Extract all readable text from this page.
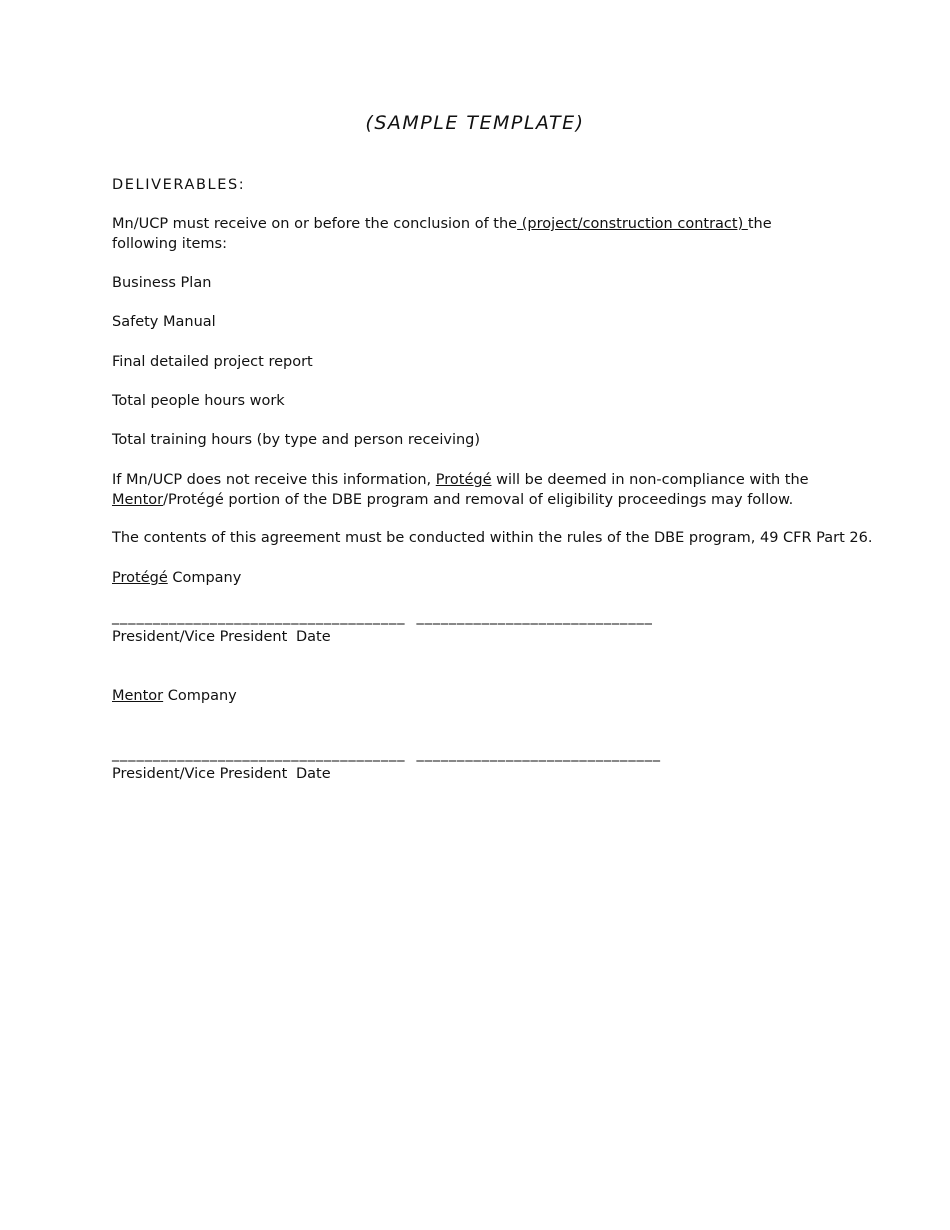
(SAMPLE TEMPLATE)
DELIVERABLES:
Mn/UCP must receive on or before the conclusion of the (project/construction contract) the following items:
Business Plan
Safety Manual
Final detailed project report
Total people hours work
Total training hours (by type and person receiving)
If Mn/UCP does not receive this information, Protégé will be deemed in non-compliance with the Mentor/Protégé portion of the DBE program and removal of eligibility proceedings may follow.
The contents of this agreement must be conducted within the rules of the DBE program, 49 CFR Part 26.
Protégé Company
____________________________________ _____________________________
President/Vice President Date
Mentor Company
____________________________________ ______________________________
President/Vice President Date
